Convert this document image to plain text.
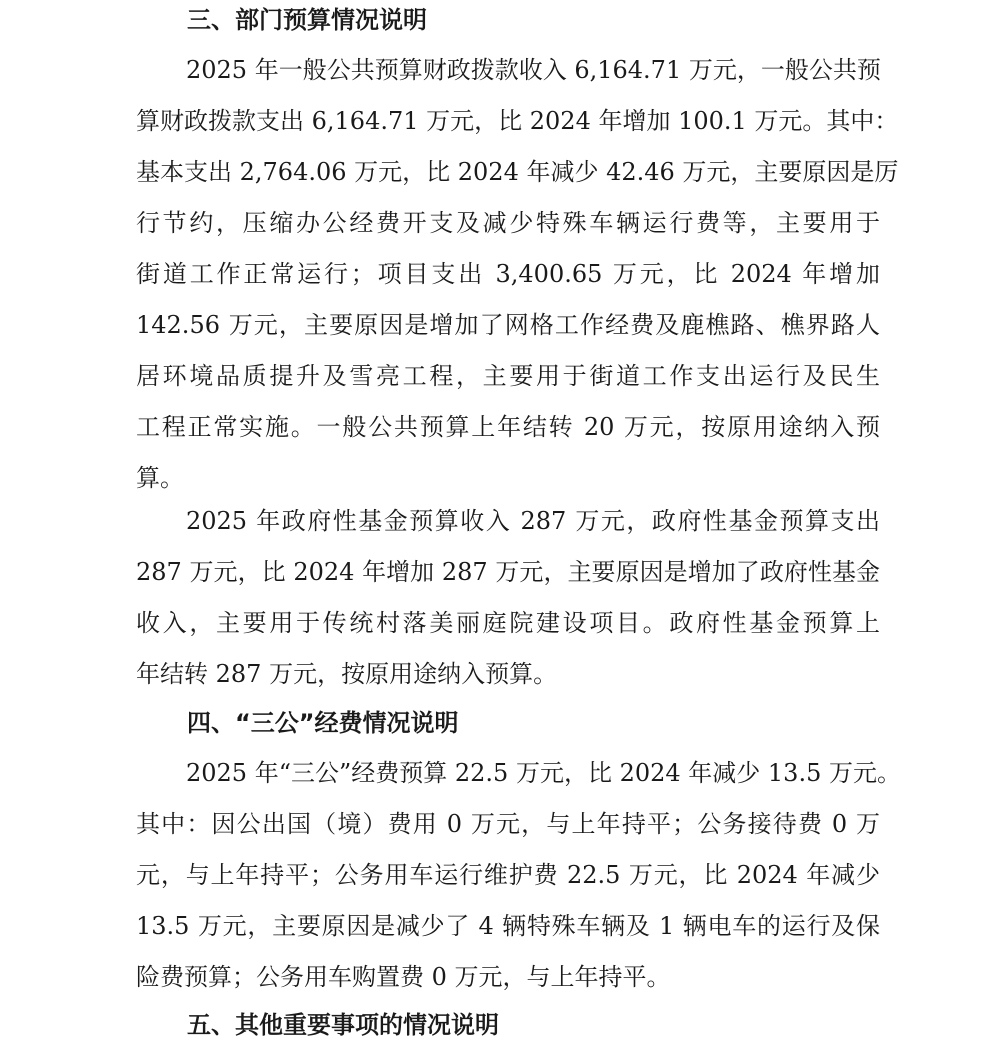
三、部门预算情况说明
2025 年一般公共预算财政拨款收入 6,164.71 万元，一般公共预
算财政拨款支出 6,164.71 万元，比 2024 年增加 100.1 万元。其中：
基本支出 2,764.06 万元，比 2024 年减少 42.46 万元，主要原因是厉
行节约，压缩办公经费开支及减少特殊车辆运行费等，主要用于
街道工作正常运行；项目支出 3,400.65 万元，比 2024 年增加
142.56 万元，主要原因是增加了网格工作经费及鹿樵路、樵界路人
居环境品质提升及雪亮工程，主要用于街道工作支出运行及民生
工程正常实施。一般公共预算上年结转 20 万元，按原用途纳入预
算。
2025 年政府性基金预算收入 287 万元，政府性基金预算支出
287 万元，比 2024 年增加 287 万元，主要原因是增加了政府性基金
收入，主要用于传统村落美丽庭院建设项目。政府性基金预算上
年结转 287 万元，按原用途纳入预算。
四、“三公”经费情况说明
2025 年“三公”经费预算 22.5 万元，比 2024 年减少 13.5 万元。
其中：因公出国（境）费用 0 万元，与上年持平；公务接待费 0 万
元，与上年持平；公务用车运行维护费 22.5 万元，比 2024 年减少
13.5 万元，主要原因是减少了 4 辆特殊车辆及 1 辆电车的运行及保
险费预算；公务用车购置费 0 万元，与上年持平。
五、其他重要事项的情况说明
